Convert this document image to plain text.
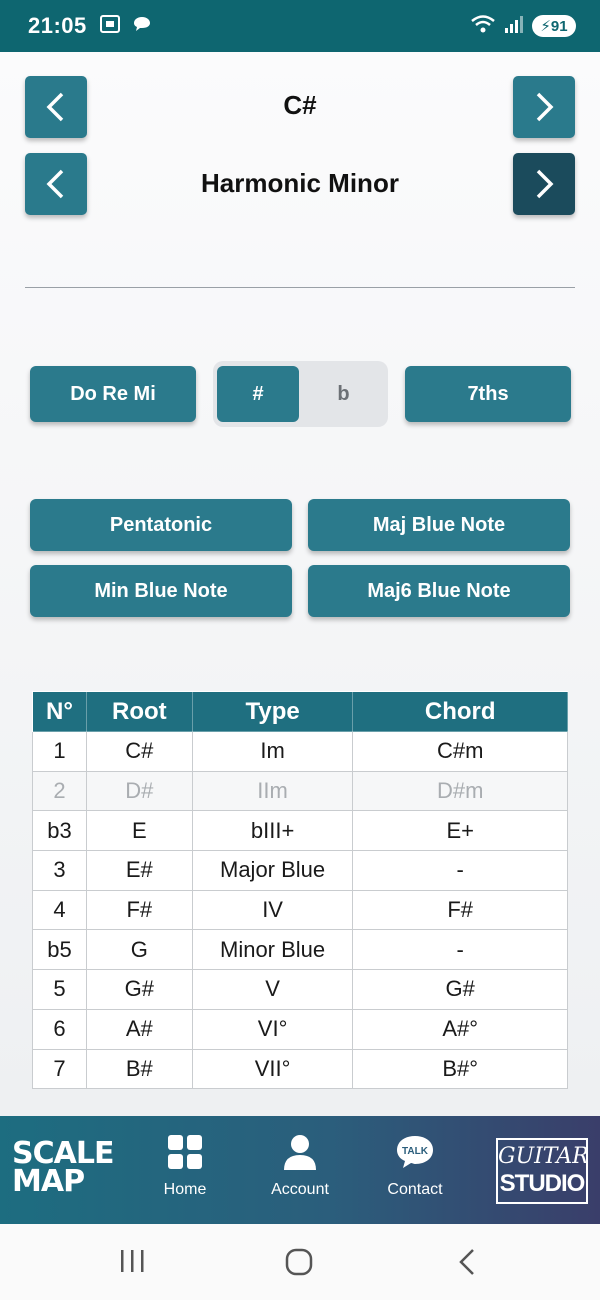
21:05	⚡91
C#
Harmonic Minor
Do Re Mi	#	b	7ths
Pentatonic	Maj Blue Note
Min Blue Note	Maj6 Blue Note
N°	Root	Type	Chord
1	C#	Im	C#m
2	D#	IIm	D#m
b3	E	bIII+	E+
3	E#	Major Blue	-
4	F#	IV	F#
b5	G	Minor Blue	-
5	G#	V	G#
6	A#	VI°	A#°
7	B#	VII°	B#°
SCALE
MAP	Home	Account
TALK
Contact
GUITAR
STUDIO
